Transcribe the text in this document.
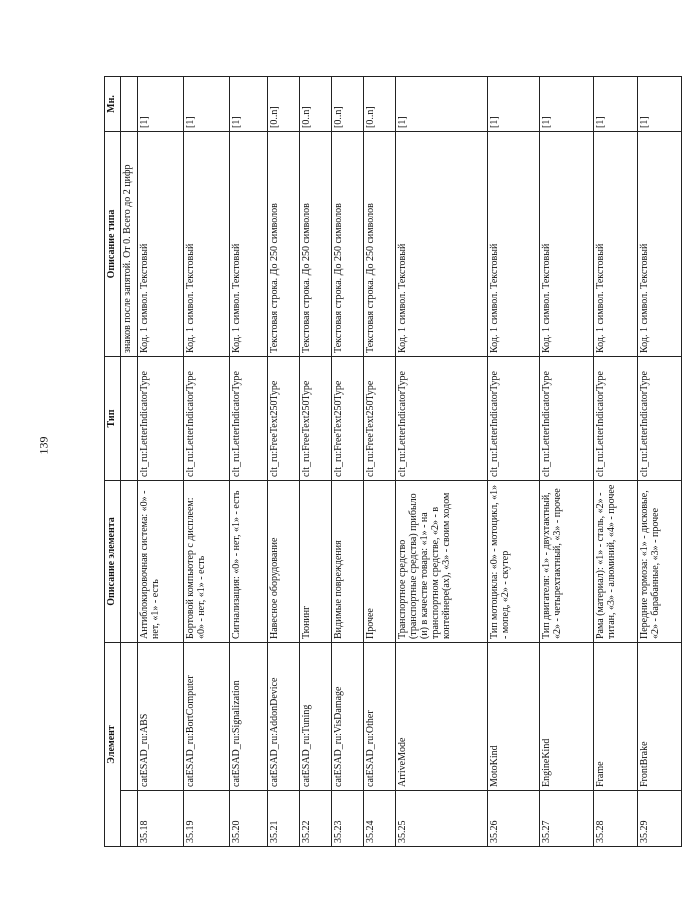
139
Элемент		Описание элемента	Тип	Описание типа	Мн.
				знаков после запятой. От 0. Всего до 2 цифр	
35.18	catESAD_ru:ABS	Антиблокировочная система: «0» - нет, «1» - есть	clt_ru:LetterIndicatorType	Код. 1 символ. Текстовый	[1]
35.19	catESAD_ru:BortComputer	Бортовой компьютер с дисплеем: «0» - нет, «1» - есть	clt_ru:LetterIndicatorType	Код. 1 символ. Текстовый	[1]
35.20	catESAD_ru:Signalization	Сигнализация: «0» - нет, «1» - есть	clt_ru:LetterIndicatorType	Код. 1 символ. Текстовый	[1]
35.21	catESAD_ru:AddonDevice	Навесное оборудование	clt_ru:FreeText250Type	Текстовая строка. До 250 символов	[0..n]
35.22	catESAD_ru:Tuning	Тюнинг	clt_ru:FreeText250Type	Текстовая строка. До 250 символов	[0..n]
35.23	catESAD_ru:VisDamage	Видимые повреждения	clt_ru:FreeText250Type	Текстовая строка. До 250 символов	[0..n]
35.24	catESAD_ru:Other	Прочее	clt_ru:FreeText250Type	Текстовая строка. До 250 символов	[0..n]
35.25	ArriveMode	Транспортное средство (транспортные средства) прибыло (и) в качестве товара: «1» - на транспортном средстве, «2» - в контейнере(ах), «3» - своим ходом	clt_ru:LetterIndicatorType	Код. 1 символ. Текстовый	[1]
35.26	MotoKind	Тип мотоцикла: «0» - мотоцикл, «1» - мопед, «2» - скутер	clt_ru:LetterIndicatorType	Код. 1 символ. Текстовый	[1]
35.27	EngineKind	Тип двигателя: «1» - двухтактный, «2» - четырехтактный, «3» - прочее	clt_ru:LetterIndicatorType	Код. 1 символ. Текстовый	[1]
35.28	Frame	Рама (материал): «1» - сталь, «2» - титан, «3» - алюминий, «4» - прочее	clt_ru:LetterIndicatorType	Код. 1 символ. Текстовый	[1]
35.29	FrontBrake	Передние тормоза: «1» - дисковые, «2» - барабанные, «3» - прочее	clt_ru:LetterIndicatorType	Код. 1 символ. Текстовый	[1]
